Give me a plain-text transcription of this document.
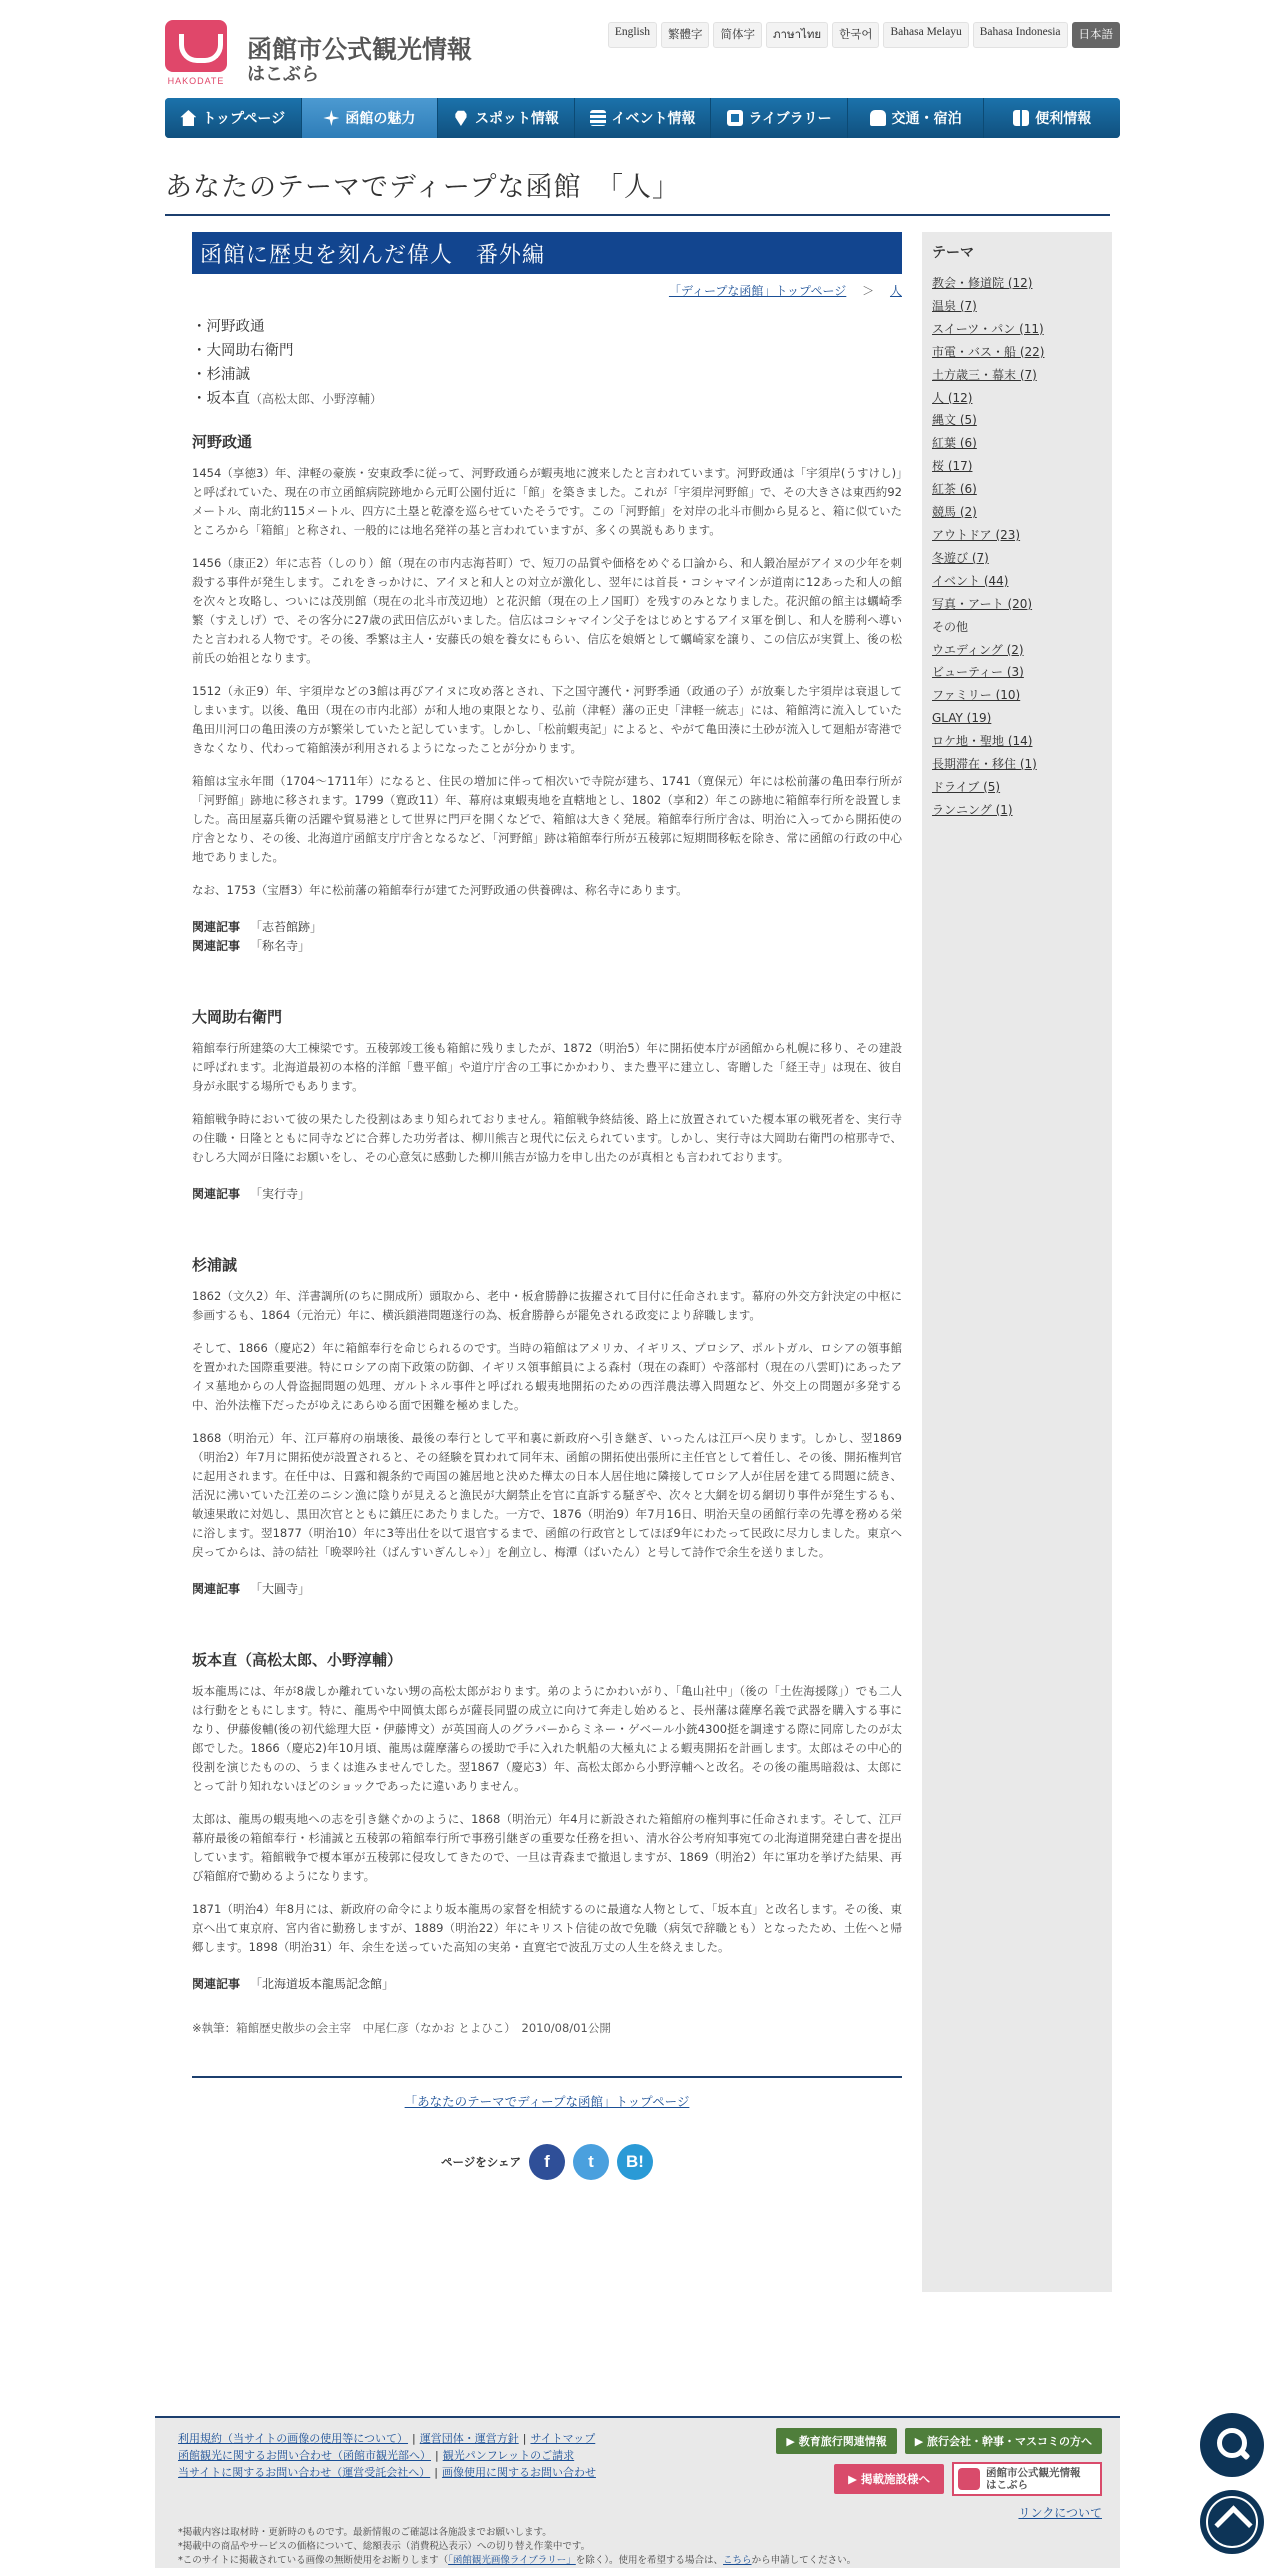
HAKODATE
函館市公式観光情報
はこぶら
English	繁體字	简体字	ภาษาไทย	한국어	Bahasa Melayu	Bahasa Indonesia	日本語
トップページ	函館の魅力	スポット情報	イベント情報	ライブラリー	交通・宿泊	便利情報
あなたのテーマでディープな函館　「人」
函館に歴史を刻んだ偉人　番外編
「ディープな函館」トップページ ＞ 人
・河野政通
・大岡助右衛門
・杉浦誠
・坂本直（高松太郎、小野淳輔）
河野政通

1454（享徳3）年、津軽の豪族・安東政季に従って、河野政通らが蝦夷地に渡来したと言われています。河野政通は「宇須岸(うすけし)」と呼ばれていた、現在の市立函館病院跡地から元町公園付近に「館」を築きました。これが「宇須岸河野館」で、その大きさは東西約92メートル、南北約115メートル、四方に土塁と乾濠を巡らせていたそうです。この「河野館」を対岸の北斗市側から見ると、箱に似ていたところから「箱館」と称され、一般的には地名発祥の基と言われていますが、多くの異説もあります。

1456（康正2）年に志苔（しのり）館（現在の市内志海苔町）で、短刀の品質や価格をめぐる口論から、和人鍛冶屋がアイヌの少年を刺殺する事件が発生します。これをきっかけに、アイヌと和人との対立が激化し、翌年には首長・コシャマインが道南に12あった和人の館を次々と攻略し、ついには茂別館（現在の北斗市茂辺地）と花沢館（現在の上ノ国町）を残すのみとなりました。花沢館の館主は蠣崎季繁（すえしげ）で、その客分に27歳の武田信広がいました。信広はコシャマイン父子をはじめとするアイヌ軍を倒し、和人を勝利へ導いたと言われる人物です。その後、季繁は主人・安藤氏の娘を養女にもらい、信広を娘婿として蠣崎家を譲り、この信広が実質上、後の松前氏の始祖となります。

1512（永正9）年、宇須岸などの3館は再びアイヌに攻め落とされ、下之国守護代・河野季通（政通の子）が放棄した宇須岸は衰退してしまいます。以後、亀田（現在の市内北部）が和人地の東限となり、弘前（津軽）藩の正史「津軽一統志」には、箱館湾に流入していた亀田川河口の亀田湊の方が繁栄していたと記しています。しかし、「松前蝦夷記」によると、やがて亀田湊に土砂が流入して廻船が寄港できなくなり、代わって箱館湊が利用されるようになったことが分かります。

箱館は宝永年間（1704～1711年）になると、住民の増加に伴って相次いで寺院が建ち、1741（寛保元）年には松前藩の亀田奉行所が「河野館」跡地に移されます。1799（寛政11）年、幕府は東蝦夷地を直轄地とし、1802（享和2）年この跡地に箱館奉行所を設置しました。高田屋嘉兵衛の活躍や貿易港として世界に門戸を開くなどで、箱館は大きく発展。箱館奉行所庁舎は、明治に入ってから開拓使の庁舎となり、その後、北海道庁函館支庁庁舎となるなど、「河野館」跡は箱館奉行所が五稜郭に短期間移転を除き、常に函館の行政の中心地でありました。

なお、1753（宝暦3）年に松前藩の箱館奉行が建てた河野政通の供養碑は、称名寺にあります。

関連記事 「志苔館跡」
関連記事 「称名寺」
大岡助右衛門

箱館奉行所建築の大工棟梁です。五稜郭竣工後も箱館に残りましたが、1872（明治5）年に開拓使本庁が函館から札幌に移り、その建設に呼ばれます。北海道最初の本格的洋館「豊平館」や道庁庁舎の工事にかかわり、また豊平に建立し、寄贈した「経王寺」は現在、彼自身が永眠する場所でもあります。

箱館戦争時において彼の果たした役割はあまり知られておりません。箱館戦争終結後、路上に放置されていた榎本軍の戦死者を、実行寺の住職・日隆とともに同寺などに合葬した功労者は、柳川熊吉と現代に伝えられています。しかし、実行寺は大岡助右衛門の棺那寺で、むしろ大岡が日隆にお願いをし、その心意気に感動した柳川熊吉が協力を申し出たのが真相とも言われております。

関連記事 「実行寺」
杉浦誠

1862（文久2）年、洋書調所(のちに開成所）頭取から、老中・板倉勝静に抜擢されて目付に任命されます。幕府の外交方針決定の中枢に参画するも、1864（元治元）年に、横浜鎖港問題遂行の為、板倉勝静らが罷免される政変により辞職します。

そして、1866（慶応2）年に箱館奉行を命じられるのです。当時の箱館はアメリカ、イギリス、プロシア、ポルトガル、ロシアの領事館を置かれた国際重要港。特にロシアの南下政策の防御、イギリス領事館員による森村（現在の森町）や落部村（現在の八雲町)にあったアイヌ墓地からの人骨盗掘問題の処理、ガルトネル事件と呼ばれる蝦夷地開拓のための西洋農法導入問題など、外交上の問題が多発する中、治外法権下だったがゆえにあらゆる面で困難を極めました。

1868（明治元）年、江戸幕府の崩壊後、最後の奉行として平和裏に新政府へ引き継ぎ、いったんは江戸へ戻ります。しかし、翌1869（明治2）年7月に開拓使が設置されると、その経験を買われて同年末、函館の開拓使出張所に主任官として着任し、その後、開拓権判官に起用されます。在任中は、日露和親条約で両国の雑居地と決めた樺太の日本人居住地に隣接してロシア人が住居を建てる問題に続き、活況に沸いていた江差のニシン漁に陰りが見えると漁民が大網禁止を官に直訴する騒ぎや、次々と大網を切る網切り事件が発生するも、敏速果敢に対処し、黒田次官とともに鎮圧にあたりました。一方で、1876（明治9）年7月16日、明治天皇の函館行幸の先導を務める栄に浴します。翌1877（明治10）年に3等出仕を以て退官するまで、函館の行政官としてほぼ9年にわたって民政に尽力しました。東京へ戻ってからは、詩の結社「晩翠吟社（ばんすいぎんしゃ）」を創立し、梅潭（ばいたん）と号して詩作で余生を送りました。

関連記事 「大圓寺」
坂本直（高松太郎、小野淳輔）

坂本龍馬には、年が8歳しか離れていない甥の高松太郎がおります。弟のようにかわいがり、「亀山社中」（後の「土佐海援隊」）でも二人は行動をともにします。特に、龍馬や中岡慎太郎らが薩長同盟の成立に向けて奔走し始めると、長州藩は薩摩名義で武器を購入する事になり、伊藤俊輔(後の初代総理大臣・伊藤博文）が英国商人のグラバーからミネー・ゲベール小銃4300挺を調達する際に同席したのが太郎でした。1866（慶応2)年10月頃、龍馬は薩摩藩らの援助で手に入れた帆船の大極丸による蝦夷開拓を計画します。太郎はその中心的役割を演じたものの、うまくは進みませんでした。翌1867（慶応3）年、高松太郎から小野淳輔へと改名。その後の龍馬暗殺は、太郎にとって計り知れないほどのショックであったに違いありません。

太郎は、龍馬の蝦夷地への志を引き継ぐかのように、1868（明治元）年4月に新設された箱館府の権判事に任命されます。そして、江戸幕府最後の箱館奉行・杉浦誠と五稜郭の箱館奉行所で事務引継ぎの重要な任務を担い、清水谷公考府知事宛ての北海道開発建白書を提出しています。箱館戦争で榎本軍が五稜郭に侵攻してきたので、一旦は青森まで撤退しますが、1869（明治2）年に軍功を挙げた結果、再び箱館府で勤めるようになります。

1871（明治4）年8月には、新政府の命令により坂本龍馬の家督を相続するのに最適な人物として、「坂本直」と改名します。その後、東京へ出て東京府、宮内省に勤務しますが、1889（明治22）年にキリスト信徒の故で免職（病気で辞職とも）となったため、土佐へと帰郷します。1898（明治31）年、余生を送っていた高知の実弟・直寛宅で波乱万丈の人生を終えました。

関連記事 「北海道坂本龍馬記念館」
※執筆：箱館歴史散歩の会主宰　中尾仁彦（なかお とよひこ）　2010/08/01公開
「あなたのテーマでディープな函館」トップページ
ページをシェア	f	t	B!
テーマ
教会・修道院 (12)
温泉 (7)
スイーツ・パン (11)
市電・バス・船 (22)
土方歳三・幕末 (7)
人 (12)
縄文 (5)
紅葉 (6)
桜 (17)
紅茶 (6)
競馬 (2)
アウトドア (23)
冬遊び (7)
イベント (44)
写真・アート (20)
その他
ウエディング (2)
ビューティー (3)
ファミリー (10)
GLAY (19)
ロケ地・聖地 (14)
長期滞在・移住 (1)
ドライブ (5)
ランニング (1)
利用規約（当サイトの画像の使用等について） | 運営団体・運営方針 | サイトマップ
函館観光に関するお問い合わせ（函館市観光部へ） | 観光パンフレットのご請求
当サイトに関するお問い合わせ（運営受託会社へ） | 画像使用に関するお問い合わせ
▶ 教育旅行関連情報	▶ 旅行会社・幹事・マスコミの方へ
▶ 掲載施設様へ	函館市公式観光情報
はこぶら
リンクについて
*掲載内容は取材時・更新時のものです。最新情報のご確認は各施設までお願いします。
*掲載中の商品やサービスの価格について、総額表示（消費税込表示）への切り替え作業中です。
*このサイトに掲載されている画像の無断使用をお断りします（「函館観光画像ライブラリー」を除く）。使用を希望する場合は、こちらから申請してください。
